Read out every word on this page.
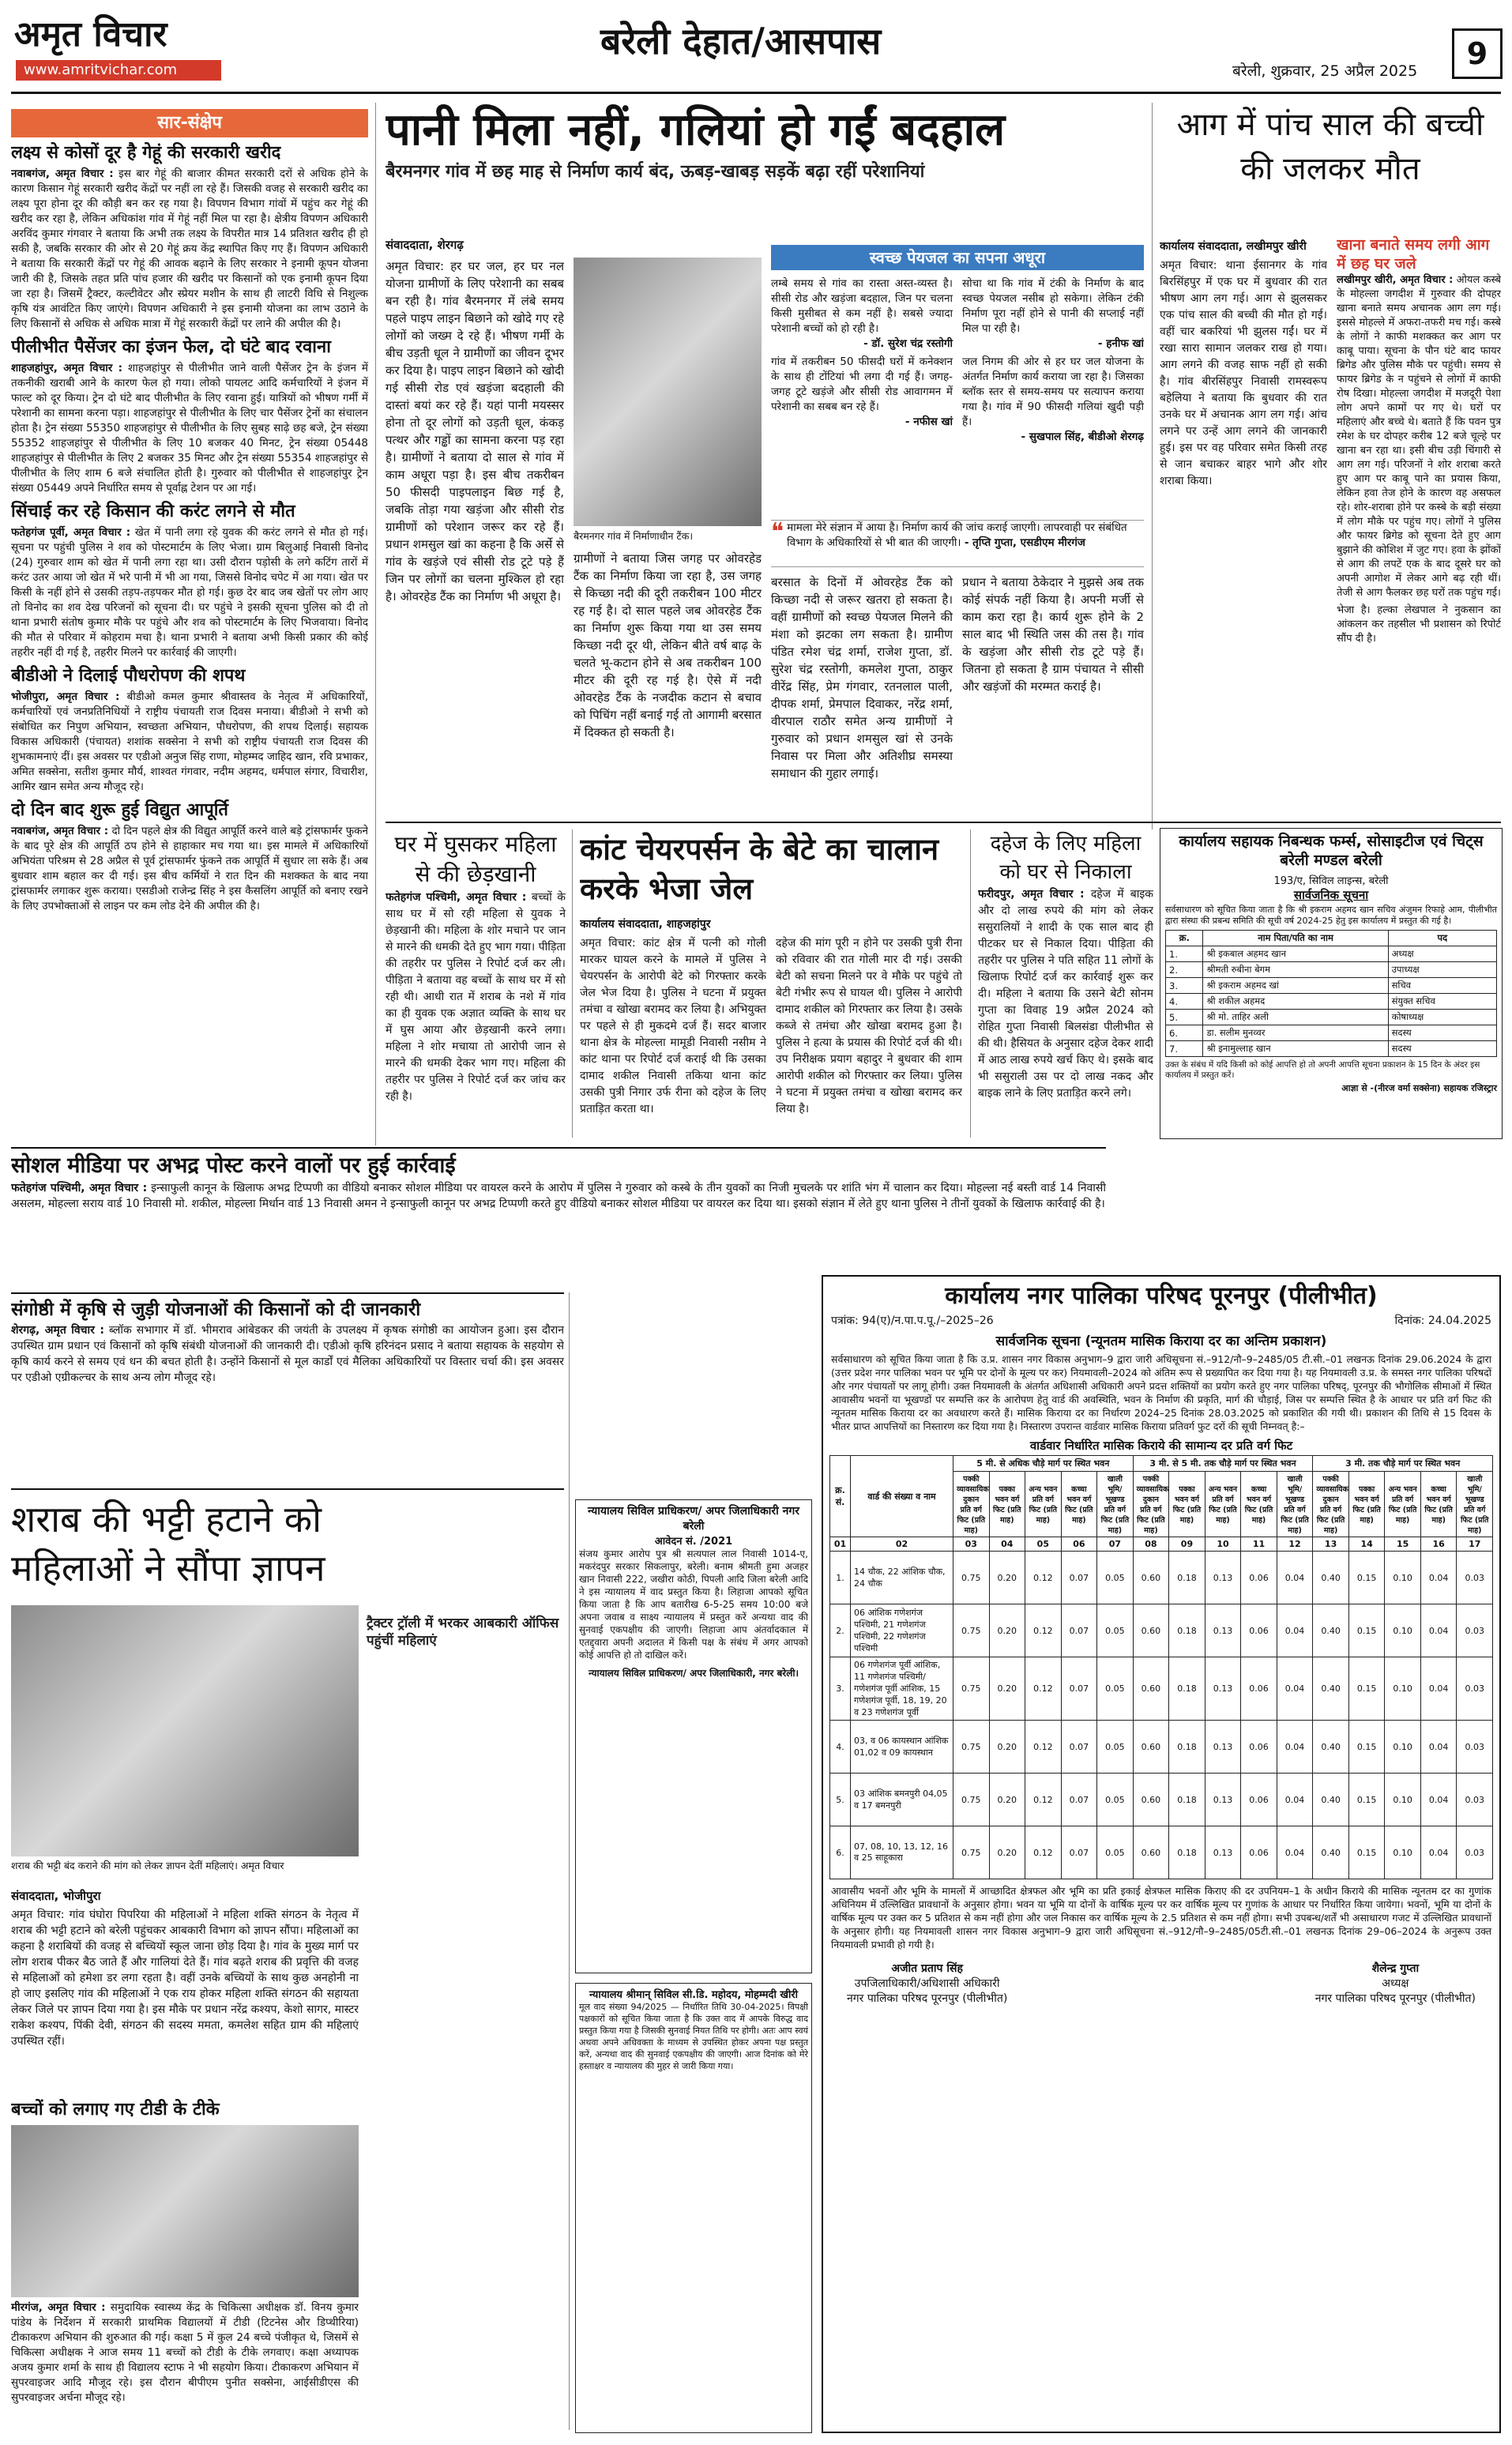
अमृत विचार
www.amritvichar.com
बरेली देहात/आसपास
बरेली, शुक्रवार, 25 अप्रैल 2025	9
सार-संक्षेप
लक्ष्य से कोसों दूर है गेहूं की सरकारी खरीद
नवाबगंज, अमृत विचार : इस बार गेहूं की बाजार कीमत सरकारी दरों से अधिक होने के कारण किसान गेहूं सरकारी खरीद केंद्रों पर नहीं ला रहे हैं। जिसकी वजह से सरकारी खरीद का लक्ष्य पूरा होना दूर की कौड़ी बन कर रह गया है। विपणन विभाग गांवों में पहुंच कर गेहूं की खरीद कर रहा है, लेकिन अधिकांश गांव में गेहूं नहीं मिल पा रहा है। क्षेत्रीय विपणन अधिकारी अरविंद कुमार गंगवार ने बताया कि अभी तक लक्ष्य के विपरीत मात्र 14 प्रतिशत खरीद ही हो सकी है, जबकि सरकार की ओर से 20 गेहूं क्रय केंद्र स्थापित किए गए हैं। विपणन अधिकारी ने बताया कि सरकारी केंद्रों पर गेहूं की आवक बढ़ाने के लिए सरकार ने इनामी कूपन योजना जारी की है, जिसके तहत प्रति पांच हजार की खरीद पर किसानों को एक इनामी कूपन दिया जा रहा है। जिसमें ट्रैक्टर, कल्टीवेटर और स्प्रेयर मशीन के साथ ही लाटरी विधि से निशुल्क कृषि यंत्र आवंटित किए जाएंगे। विपणन अधिकारी ने इस इनामी योजना का लाभ उठाने के लिए किसानों से अधिक से अधिक मात्रा में गेहूं सरकारी केंद्रों पर लाने की अपील की है।
पीलीभीत पैसेंजर का इंजन फेल, दो घंटे बाद रवाना
शाहजहांपुर, अमृत विचार : शाहजहांपुर से पीलीभीत जाने वाली पैसेंजर ट्रेन के इंजन में तकनीकी खराबी आने के कारण फेल हो गया। लोको पायलट आदि कर्मचारियों ने इंजन में फाल्ट को दूर किया। ट्रेन दो घंटे बाद पीलीभीत के लिए रवाना हुई। यात्रियों को भीषण गर्मी में परेशानी का सामना करना पड़ा। शाहजहांपुर से पीलीभीत के लिए चार पैसेंजर ट्रेनों का संचालन होता है। ट्रेन संख्या 55350 शाहजहांपुर से पीलीभीत के लिए सुबह साढ़े छह बजे, ट्रेन संख्या 55352 शाहजहांपुर से पीलीभीत के लिए 10 बजकर 40 मिनट, ट्रेन संख्या 05448 शाहजहांपुर से पीलीभीत के लिए 2 बजकर 35 मिनट और ट्रेन संख्या 55354 शाहजहांपुर से पीलीभीत के लिए शाम 6 बजे संचालित होती है। गुरुवार को पीलीभीत से शाहजहांपुर ट्रेन संख्या 05449 अपने निर्धारित समय से पूर्वाह्न टेशन पर आ गई।
सिंचाई कर रहे किसान की करंट लगने से मौत
फतेहगंज पूर्वी, अमृत विचार : खेत में पानी लगा रहे युवक की करंट लगने से मौत हो गई। सूचना पर पहुंची पुलिस ने शव को पोस्टमार्टम के लिए भेजा। ग्राम बिलुआई निवासी विनोद (24) गुरुवार शाम को खेत में पानी लगा रहा था। उसी दौरान पड़ोसी के लगे कटिंग तारों में करंट उतर आया जो खेत में भरे पानी में भी आ गया, जिससे विनोद चपेट में आ गया। खेत पर किसी के नहीं होने से उसकी तड़प-तड़पकर मौत हो गई। कुछ देर बाद जब खेतों पर लोग आए तो विनोद का शव देख परिजनों को सूचना दी। घर पहुंचे ने इसकी सूचना पुलिस को दी तो थाना प्रभारी संतोष कुमार मौके पर पहुंचे और शव को पोस्टमार्टम के लिए भिजवाया। विनोद की मौत से परिवार में कोहराम मचा है। थाना प्रभारी ने बताया अभी किसी प्रकार की कोई तहरीर नहीं दी गई है, तहरीर मिलने पर कार्रवाई की जाएगी।
बीडीओ ने दिलाई पौधरोपण की शपथ
भोजीपुरा, अमृत विचार : बीडीओ कमल कुमार श्रीवास्तव के नेतृत्व में अधिकारियों, कर्मचारियों एवं जनप्रतिनिधियों ने राष्ट्रीय पंचायती राज दिवस मनाया। बीडीओ ने सभी को संबोधित कर निपुण अभियान, स्वच्छता अभियान, पौधरोपण, की शपथ दिलाई। सहायक विकास अधिकारी (पंचायत) शशांक सक्सेना ने सभी को राष्ट्रीय पंचायती राज दिवस की शुभकामनाएं दीं। इस अवसर पर एडीओ अनुज सिंह राणा, मोहम्मद जाहिद खान, रवि प्रभाकर, अमित सक्सेना, सतीश कुमार मौर्य, शाश्वत गंगवार, नदीम अहमद, धर्मपाल संगार, विचारीश, आमिर खान समेत अन्य मौजूद रहे।
दो दिन बाद शुरू हुई विद्युत आपूर्ति
नवाबगंज, अमृत विचार : दो दिन पहले क्षेत्र की विद्युत आपूर्ति करने वाले बड़े ट्रांसफार्मर फुकने के बाद पूरे क्षेत्र की आपूर्ति ठप होने से हाहाकार मच गया था। इस मामले में अधिकारियों अभियंता परिश्रम से 28 अप्रैल से पूर्व ट्रांसफार्मर फुंकने तक आपूर्ति में सुधार ला सके हैं। अब बुधवार शाम बहाल कर दी गई। इस बीच कर्मियों ने रात दिन की मशक्कत के बाद नया ट्रांसफार्मर लगाकर शुरू कराया। एसडीओ राजेन्द्र सिंह ने इस कैसलिंग आपूर्ति को बनाए रखने के लिए उपभोक्ताओं से लाइन पर कम लोड देने की अपील की है।
सोशल मीडिया पर अभद्र पोस्ट करने वालों पर हुई कार्रवाई
फतेहगंज पश्चिमी, अमृत विचार : इन्साफुली कानून के खिलाफ अभद्र टिप्पणी का वीडियो बनाकर सोशल मीडिया पर वायरल करने के आरोप में पुलिस ने गुरुवार को कस्बे के तीन युवकों का निजी मुचलके पर शांति भंग में चालान कर दिया। मोहल्ला नई बस्ती वार्ड 14 निवासी असलम, मोहल्ला सराय वार्ड 10 निवासी मो. शकील, मोहल्ला मिर्धान वार्ड 13 निवासी अमन ने इन्साफुली कानून पर अभद्र टिप्पणी करते हुए वीडियो बनाकर सोशल मीडिया पर वायरल कर दिया था। इसको संज्ञान में लेते हुए थाना पुलिस ने तीनों युवकों के खिलाफ कार्रवाई की है।
संगोष्ठी में कृषि से जुड़ी योजनाओं की किसानों को दी जानकारी
शेरगढ़, अमृत विचार : ब्लॉक सभागार में डॉ. भीमराव आंबेडकर की जयंती के उपलक्ष्य में कृषक संगोष्ठी का आयोजन हुआ। इस दौरान उपस्थित ग्राम प्रधान एवं किसानों को कृषि संबंधी योजनाओं की जानकारी दी। एडीओ कृषि हरिनंदन प्रसाद ने बताया सहायक के सहयोग से कृषि कार्य करने से समय एवं धन की बचत होती है। उन्होंने किसानों से मूल कार्डों एवं मैलिका अधिकारियों पर विस्तार चर्चा की। इस अवसर पर एडीओ एग्रीकल्चर के साथ अन्य लोग मौजूद रहे।
शराब की भट्टी हटाने को महिलाओं ने सौंपा ज्ञापन
शराब की भट्टी बंद कराने की मांग को लेकर ज्ञापन देतीं महिलाएं। अमृत विचार
संवाददाता, भोजीपुरा
अमृत विचार: गांव घंघोरा पिपरिया की महिलाओं ने महिला शक्ति संगठन के नेतृत्व में शराब की भट्टी हटाने को बरेली पहुंचकर आबकारी विभाग को ज्ञापन सौंपा। महिलाओं का कहना है शराबियों की वजह से बच्चियों स्कूल जाना छोड़ दिया है। गांव के मुख्य मार्ग पर लोग शराब पीकर बैठ जाते हैं और गालियां देते हैं। गांव बढ़ते शराब की प्रवृत्ति की वजह से महिलाओं को हमेशा डर लगा रहता है। वहीं उनके बच्चियों के साथ कुछ अनहोनी ना हो जाए इसलिए गांव की महिलाओं ने एक राय होकर महिला शक्ति संगठन की सहायता लेकर जिले पर ज्ञापन दिया गया है। इस मौके पर प्रधान नरेंद्र कश्यप, केशो सागर, मास्टर राकेश कश्यप, पिंकी देवी, संगठन की सदस्य ममता, कमलेश सहित ग्राम की महिलाएं उपस्थित रहीं।
ट्रैक्टर ट्रॉली में भरकर आबकारी ऑफिस पहुंचीं महिलाएं
बच्चों को लगाए गए टीडी के टीके
मीरगंज, अमृत विचार : समुदायिक स्वास्थ्य केंद्र के चिकित्सा अधीक्षक डॉ. विनय कुमार पांडेय के निर्देशन में सरकारी प्राथमिक विद्यालयों में टीडी (टिटनेस और डिप्थीरिया) टीकाकरण अभियान की शुरुआत की गई। कक्षा 5 में कुल 24 बच्चे पंजीकृत थे, जिसमें से चिकित्सा अधीक्षक ने आज समय 11 बच्चों को टीडी के टीके लगवाए। कक्षा अध्यापक अजय कुमार शर्मा के साथ ही विद्यालय स्टाफ ने भी सहयोग किया। टीकाकरण अभियान में सुपरवाइजर आदि मौजूद रहे। इस दौरान बीपीएम पुनीत सक्सेना, आईसीडीएस की सुपरवाइजर अर्चना मौजूद रहे।
पानी मिला नहीं, गलियां हो गईं बदहाल
बैरमनगर गांव में छह माह से निर्माण कार्य बंद, ऊबड़-खाबड़ सड़कें बढ़ा रहीं परेशानियां
संवाददाता, शेरगढ़
अमृत विचार: हर घर जल, हर घर नल योजना ग्रामीणों के लिए परेशानी का सबब बन रही है। गांव बैरमनगर में लंबे समय पहले पाइप लाइन बिछाने को खोदे गए रहे लोगों को जख्म दे रहे हैं। भीषण गर्मी के बीच उड़ती धूल ने ग्रामीणों का जीवन दूभर कर दिया है। पाइप लाइन बिछाने को खोदी गई सीसी रोड एवं खड़ंजा बदहाली की दास्तां बयां कर रहे हैं। यहां पानी मयस्सर होना तो दूर लोगों को उड़ती धूल, कंकड़ पत्थर और गड्ढों का सामना करना पड़ रहा है। ग्रामीणों ने बताया दो साल से गांव में काम अधूरा पड़ा है। इस बीच तकरीबन 50 फीसदी पाइपलाइन बिछ गई है, जबकि तोड़ा गया खड़ंजा और सीसी रोड ग्रामीणों को परेशान जरूर कर रहे हैं। प्रधान शमसुल खां का कहना है कि अर्से से गांव के खड़ंजे एवं सीसी रोड टूटे पड़े हैं जिन पर लोगों का चलना मुश्किल हो रहा है। ओवरहेड टैंक का निर्माण भी अधूरा है।
बैरमनगर गांव में निर्माणाधीन टैंक।
ग्रामीणों ने बताया जिस जगह पर ओवरहेड टैंक का निर्माण किया जा रहा है, उस जगह से किच्छा नदी की दूरी तकरीबन 100 मीटर रह गई है। दो साल पहले जब ओवरहेड टैंक का निर्माण शुरू किया गया था उस समय किच्छा नदी दूर थी, लेकिन बीते वर्ष बाढ़ के चलते भू-कटान होने से अब तकरीबन 100 मीटर की दूरी रह गई है। ऐसे में नदी ओवरहेड टैंक के नजदीक कटान से बचाव को पिचिंग नहीं बनाई गई तो आगामी बरसात में दिक्कत हो सकती है।
स्वच्छ पेयजल का सपना अधूरा
लम्बे समय से गांव का रास्ता अस्त-व्यस्त है। सीसी रोड और खड़ंजा बदहाल, जिन पर चलना किसी मुसीबत से कम नहीं है। सबसे ज्यादा परेशानी बच्चों को हो रही है।
- डॉ. सुरेश चंद्र रस्तोगी
गांव में तकरीबन 50 फीसदी घरों में कनेक्शन के साथ ही टोंटियां भी लगा दी गई हैं। जगह-जगह टूटे खड़ंजे और सीसी रोड आवागमन में परेशानी का सबब बन रहे हैं।
- नफीस खां
सोचा था कि गांव में टंकी के निर्माण के बाद स्वच्छ पेयजल नसीब हो सकेगा। लेकिन टंकी निर्माण पूरा नहीं होने से पानी की सप्लाई नहीं मिल पा रही है।
- हनीफ खां
जल निगम की ओर से हर घर जल योजना के अंतर्गत निर्माण कार्य कराया जा रहा है। जिसका ब्लॉक स्तर से समय-समय पर सत्यापन कराया गया है। गांव में 90 फीसदी गलियां खुदी पड़ी हैं।
- सुखपाल सिंह, बीडीओ शेरगढ़
❝ मामला मेरे संज्ञान में आया है। निर्माण कार्य की जांच कराई जाएगी। लापरवाही पर संबंधित विभाग के अधिकारियों से भी बात की जाएगी। - तृप्ति गुप्ता, एसडीएम मीरगंज
बरसात के दिनों में ओवरहेड टैंक को किच्छा नदी से जरूर खतरा हो सकता है। वहीं ग्रामीणों को स्वच्छ पेयजल मिलने की मंशा को झटका लग सकता है। ग्रामीण पंडित रमेश चंद्र शर्मा, राजेश गुप्ता, डॉ. सुरेश चंद्र रस्तोगी, कमलेश गुप्ता, ठाकुर वीरेंद्र सिंह, प्रेम गंगवार, रतनलाल पाली, दीपक शर्मा, प्रेमपाल दिवाकर, नरेंद्र शर्मा, वीरपाल राठौर समेत अन्य ग्रामीणों ने गुरुवार को प्रधान शमसुल खां से उनके निवास पर मिला और अतिशीघ्र समस्या समाधान की गुहार लगाई।
प्रधान ने बताया ठेकेदार ने मुझसे अब तक कोई संपर्क नहीं किया है। अपनी मर्जी से काम करा रहा है। कार्य शुरू होने के 2 साल बाद भी स्थिति जस की तस है। गांव के खड़ंजा और सीसी रोड टूटे पड़े हैं। जितना हो सकता है ग्राम पंचायत ने सीसी और खड़ंजों की मरम्मत कराई है।
आग में पांच साल की बच्ची की जलकर मौत
कार्यालय संवाददाता, लखीमपुर खीरी
अमृत विचार: थाना ईसानगर के गांव बिरसिंहपुर में एक घर में बुधवार की रात भीषण आग लग गई। आग से झुलसकर एक पांच साल की बच्ची की मौत हो गई। वहीं चार बकरियां भी झुलस गईं। घर में रखा सारा सामान जलकर राख हो गया। आग लगने की वजह साफ नहीं हो सकी है। गांव बीरसिंहपुर निवासी रामस्वरूप बहेलिया ने बताया कि बुधवार की रात उनके घर में अचानक आग लग गई। आंच लगने पर उन्हें आग लगने की जानकारी हुई। इस पर वह परिवार समेत किसी तरह से जान बचाकर बाहर भागे और शोर शराबा किया।
खाना बनाते समय लगी आग में छह घर जले
लखीमपुर खीरी, अमृत विचार : ओयल कस्बे के मोहल्ला जगदीश में गुरुवार की दोपहर खाना बनाते समय अचानक आग लग गई। इससे मोहल्ले में अफरा-तफरी मच गई। कस्बे के लोगों ने काफी मशक्कत कर आग पर काबू पाया। सूचना के पौन घंटे बाद फायर ब्रिगेड और पुलिस मौके पर पहुंची। समय से फायर ब्रिगेड के न पहुंचने से लोगों में काफी रोष दिखा। मोहल्ला जगदीश में मजदूरी पेशा लोग अपने कामों पर गए थे। घरों पर महिलाएं और बच्चे थे। बताते हैं कि पवन पुत्र रमेश के घर दोपहर करीब 12 बजे चूल्हे पर खाना बन रहा था। इसी बीच उड़ी चिंगारी से आग लग गई। परिजनों ने शोर शराबा करते हुए आग पर काबू पाने का प्रयास किया, लेकिन हवा तेज होने के कारण वह असफल रहे। शोर-शराबा होने पर कस्बे के बड़ी संख्या में लोग मौके पर पहुंच गए। लोगों ने पुलिस और फायर ब्रिगेड को सूचना देते हुए आग बुझाने की कोशिश में जुट गए। हवा के झोंकों से आग की लपटें एक के बाद दूसरे घर को अपनी आगोश में लेकर आगे बढ़ रही थीं। तेजी से आग फैलकर छह घरों तक पहुंच गई।
भेजा है। हल्का लेखपाल ने नुकसान का आंकलन कर तहसील भी प्रशासन को रिपोर्ट सौंप दी है।
घर में घुसकर महिला से की छेड़खानी
फतेहगंज पश्चिमी, अमृत विचार : बच्चों के साथ घर में सो रही महिला से युवक ने छेड़खानी की। महिला के शोर मचाने पर जान से मारने की धमकी देते हुए भाग गया। पीड़िता की तहरीर पर पुलिस ने रिपोर्ट दर्ज कर ली। पीड़िता ने बताया वह बच्चों के साथ घर में सो रही थी। आधी रात में शराब के नशे में गांव का ही युवक एक अज्ञात व्यक्ति के साथ घर में घुस आया और छेड़खानी करने लगा। महिला ने शोर मचाया तो आरोपी जान से मारने की धमकी देकर भाग गए। महिला की तहरीर पर पुलिस ने रिपोर्ट दर्ज कर जांच कर रही है।
कांट चेयरपर्सन के बेटे का चालान करके भेजा जेल
कार्यालय संवाददाता, शाहजहांपुर
अमृत विचार: कांट क्षेत्र में पत्नी को गोली मारकर घायल करने के मामले में पुलिस ने चेयरपर्सन के आरोपी बेटे को गिरफ्तार करके जेल भेज दिया है। पुलिस ने घटना में प्रयुक्त तमंचा व खोखा बरामद कर लिया है। अभियुक्त पर पहले से ही मुकदमे दर्ज हैं। सदर बाजार थाना क्षेत्र के मोहल्ला मामूडी निवासी नसीम ने कांट थाना पर रिपोर्ट दर्ज कराई थी कि उसका दामाद शकील निवासी तकिया थाना कांट उसकी पुत्री निगार उर्फ रीना को दहेज के लिए प्रताड़ित करता था।
दहेज की मांग पूरी न होने पर उसकी पुत्री रीना को रविवार की रात गोली मार दी गई। उसकी बेटी को सचना मिलने पर वे मौके पर पहुंचे तो बेटी गंभीर रूप से घायल थी। पुलिस ने आरोपी दामाद शकील को गिरफ्तार कर लिया है। उसके कब्जे से तमंचा और खोखा बरामद हुआ है। पुलिस ने हत्या के प्रयास की रिपोर्ट दर्ज की थी। उप निरीक्षक प्रयाग बहादुर ने बुधवार की शाम आरोपी शकील को गिरफ्तार कर लिया। पुलिस ने घटना में प्रयुक्त तमंचा व खोखा बरामद कर लिया है।
दहेज के लिए महिला को घर से निकाला
फरीदपुर, अमृत विचार : दहेज में बाइक और दो लाख रुपये की मांग को लेकर ससुरालियों ने शादी के एक साल बाद ही पीटकर घर से निकाल दिया। पीड़िता की तहरीर पर पुलिस ने पति सहित 11 लोगों के खिलाफ रिपोर्ट दर्ज कर कार्रवाई शुरू कर दी। महिला ने बताया कि उसने बेटी सोनम गुप्ता का विवाह 19 अप्रैल 2024 को रोहित गुप्ता निवासी बिलसंडा पीलीभीत से की थी। हैसियत के अनुसार दहेज देकर शादी में आठ लाख रुपये खर्च किए थे। इसके बाद भी ससुराली उस पर दो लाख नकद और बाइक लाने के लिए प्रताड़ित करने लगे।
कार्यालय सहायक निबन्धक फर्म्स, सोसाइटीज एवं चिट्स बरेली मण्डल बरेली
193/ए, सिविल लाइन्स, बरेली
सार्वजनिक सूचना
सर्वसाधारण को सूचित किया जाता है कि श्री इकराम अहमद खान सचिव अंजुमन रिफाहे आम, पीलीभीत द्वारा संस्था की प्रबन्ध समिति की सूची वर्ष 2024-25 हेतु इस कार्यालय में प्रस्तुत की गई है।
क्र.	नाम पिता/पति का नाम	पद
1.	श्री इकबाल अहमद खान	अध्यक्ष
2.	श्रीमती रुबीना बेगम	उपाध्यक्ष
3.	श्री इकराम अहमद खां	सचिव
4.	श्री शकील अहमद	संयुक्त सचिव
5.	श्री मो. ताहिर अली	कोषाध्यक्ष
6.	डा. सलीम मुनव्वर	सदस्य
7.	श्री इनामुल्लाह खान	सदस्य
उक्त के संबंध में यदि किसी को कोई आपत्ति हो तो अपनी आपत्ति सूचना प्रकाशन के 15 दिन के अंदर इस कार्यालय में प्रस्तुत करें।
आज्ञा से -(नीरज वर्मा सक्सेना) सहायक रजिस्ट्रार
न्यायालय सिविल प्राधिकरण/ अपर जिलाधिकारी नगर बरेली
आवेदन सं. /2021
संजय कुमार आरोप पुत्र श्री सत्यपाल लाल निवासी 1014-ए, मकरंदपुर सरकार सिकलापुर, बरेली। बनाम श्रीमती हुमा अजहर खान निवासी 222, जखीरा कोठी, पिपली आदि जिला बरेली आदि ने इस न्यायालय में वाद प्रस्तुत किया है। लिहाजा आपको सूचित किया जाता है कि आप बतारीख 6-5-25 समय 10:00 बजे अपना जवाब व साक्ष्य न्यायालय में प्रस्तुत करें अन्यथा वाद की सुनवाई एकपक्षीय की जाएगी। लिहाजा आप अंतर्वादकाल में एतद्द्वारा अपनी अदालत में किसी पक्ष के संबंध में अगर आपको कोई आपत्ति हो तो दाखिल करें।
न्यायालय सिविल प्राधिकरण/ अपर जिलाधिकारी, नगर बरेली।
न्यायालय श्रीमान् सिविल सी.डि. महोदय, मोहम्मदी खीरी
मूल वाद संख्या 94/2025 — निर्धारित तिथि 30-04-2025। विपक्षी पक्षकारों को सूचित किया जाता है कि उक्त वाद में आपके विरुद्ध वाद प्रस्तुत किया गया है जिसकी सुनवाई नियत तिथि पर होगी। अतः आप स्वयं अथवा अपने अधिवक्ता के माध्यम से उपस्थित होकर अपना पक्ष प्रस्तुत करें, अन्यथा वाद की सुनवाई एकपक्षीय की जाएगी। आज दिनांक को मेरे हस्ताक्षर व न्यायालय की मुहर से जारी किया गया।
कार्यालय नगर पालिका परिषद पूरनपुर (पीलीभीत)
पत्रांक: 94(ए)/न.पा.प.पू./–2025–26	दिनांक: 24.04.2025
सार्वजनिक सूचना (न्यूनतम मासिक किराया दर का अन्तिम प्रकाशन)
सर्वसाधारण को सूचित किया जाता है कि उ.प्र. शासन नगर विकास अनुभाग–9 द्वारा जारी अधिसूचना सं.–912/नौ–9–2485/05 टी.सी.–01 लखनऊ दिनांक 29.06.2024 के द्वारा (उत्तर प्रदेश नगर पालिका भवन पर भूमि पर दोनों के मूल्य पर कर) नियमावली–2024 को अंतिम रूप से प्रख्यापित कर दिया गया है। यह नियमावली उ.प्र. के समस्त नगर पालिका परिषदों और नगर पंचायतों पर लागू होगी। उक्त नियमावली के अंतर्गत अधिशासी अधिकारी अपने प्रदत्त शक्तियों का प्रयोग करते हुए नगर पालिका परिषद्, पूरनपुर की भौगोलिक सीमाओं में स्थित आवासीय भवनों या भूखण्डों पर सम्पत्ति कर के आरोपण हेतु वार्ड की अवस्थिति, भवन के निर्माण की प्रकृति, मार्ग की चौड़ाई, जिस पर सम्पत्ति स्थित है के आधार पर प्रति वर्ग फिट की न्यूनतम मासिक किराया दर का अवधारण करते हैं। मासिक किराया दर का निर्धारण 2024–25 दिनांक 28.03.2025 को प्रकाशित की गयी थी। प्रकाशन की तिथि से 15 दिवस के भीतर प्राप्त आपत्तियों का निस्तारण कर दिया गया है। निस्तारण उपरान्त वार्डवार मासिक किराया प्रतिवर्ग फुट दरों की सूची निम्नवत् है:–
वार्डवार निर्धारित मासिक किराये की सामान्य दर प्रति वर्ग फिट
क्र. सं.	वार्ड की संख्या व नाम	5 मी. से अधिक चौड़े मार्ग पर स्थित भवन					3 मी. से 5 मी. तक चौड़े मार्ग पर स्थित भवन					3 मी. तक चौड़े मार्ग पर स्थित भवन				
		पक्की व्यावसायिक दुकान प्रति वर्ग फिट (प्रति माह)	पक्का भवन वर्ग फिट (प्रति माह)	अन्य भवन प्रति वर्ग फिट (प्रति माह)	कच्चा भवन वर्ग फिट (प्रति माह)	खाली भूमि/भूखण्ड प्रति वर्ग फिट (प्रति माह)	पक्की व्यावसायिक दुकान प्रति वर्ग फिट (प्रति माह)	पक्का भवन वर्ग फिट (प्रति माह)	अन्य भवन प्रति वर्ग फिट (प्रति माह)	कच्चा भवन वर्ग फिट (प्रति माह)	खाली भूमि/भूखण्ड प्रति वर्ग फिट (प्रति माह)	पक्की व्यावसायिक दुकान प्रति वर्ग फिट (प्रति माह)	पक्का भवन वर्ग फिट (प्रति माह)	अन्य भवन प्रति वर्ग फिट (प्रति माह)	कच्चा भवन वर्ग फिट (प्रति माह)	खाली भूमि/भूखण्ड प्रति वर्ग फिट (प्रति माह)
01	02	03	04	05	06	07	08	09	10	11	12	13	14	15	16	17
1.	14 चौक, 22 आंशिक चौक, 24 चौक	0.75	0.20	0.12	0.07	0.05	0.60	0.18	0.13	0.06	0.04	0.40	0.15	0.10	0.04	0.03
2.	06 आंशिक गणेशगंज पश्चिमी, 21 गणेशगंज पश्चिमी, 22 गणेशगंज पश्चिमी	0.75	0.20	0.12	0.07	0.05	0.60	0.18	0.13	0.06	0.04	0.40	0.15	0.10	0.04	0.03
3.	06 गणेशगंज पूर्वी आंशिक, 11 गणेशगंज पश्चिमी/गणेशगंज पूर्वी आंशिक, 15 गणेशगंज पूर्वी, 18, 19, 20 व 23 गणेशगंज पूर्वी	0.75	0.20	0.12	0.07	0.05	0.60	0.18	0.13	0.06	0.04	0.40	0.15	0.10	0.04	0.03
4.	03, व 06 कायस्थान आंशिक 01,02 व 09 कायस्थान	0.75	0.20	0.12	0.07	0.05	0.60	0.18	0.13	0.06	0.04	0.40	0.15	0.10	0.04	0.03
5.	03 आंशिक बमनपुरी 04,05 व 17 बमनपुरी	0.75	0.20	0.12	0.07	0.05	0.60	0.18	0.13	0.06	0.04	0.40	0.15	0.10	0.04	0.03
6.	07, 08, 10, 13, 12, 16 व 25 साहूकारा	0.75	0.20	0.12	0.07	0.05	0.60	0.18	0.13	0.06	0.04	0.40	0.15	0.10	0.04	0.03
आवासीय भवनों और भूमि के मामलों में आच्छादित क्षेत्रफल और भूमि का प्रति इकाई क्षेत्रफल मासिक किराए की दर उपनियम–1 के अधीन किराये की मासिक न्यूनतम दर का गुणांक अधिनियम में उल्लिखित प्रावधानों के अनुसार होगा। भवन या भूमि या दोनों के वार्षिक मूल्य पर कर वार्षिक मूल्य पर गुणांक के आधार पर निर्धारित किया जायेगा। भवनों, भूमि या दोनों के वार्षिक मूल्य पर उक्त कर 5 प्रतिशत से कम नहीं होगा और जल निकास कर वार्षिक मूल्य के 2.5 प्रतिशत से कम नहीं होगा। सभी उपबन्ध/शर्तें भी असाधारण गजट में उल्लिखित प्रावधानों के अनुसार होगी। यह नियमावली शासन नगर विकास अनुभाग–9 द्वारा जारी अधिसूचना सं.–912/नौ–9–2485/05टी.सी.–01 लखनऊ दिनांक 29–06–2024 के अनुरूप उक्त नियमावली प्रभावी हो गयी है।
अजीत प्रताप सिंह
उपजिलाधिकारी/अधिशासी अधिकारी
नगर पालिका परिषद पूरनपुर (पीलीभीत)
शैलेन्द्र गुप्ता
अध्यक्ष
नगर पालिका परिषद पूरनपुर (पीलीभीत)
